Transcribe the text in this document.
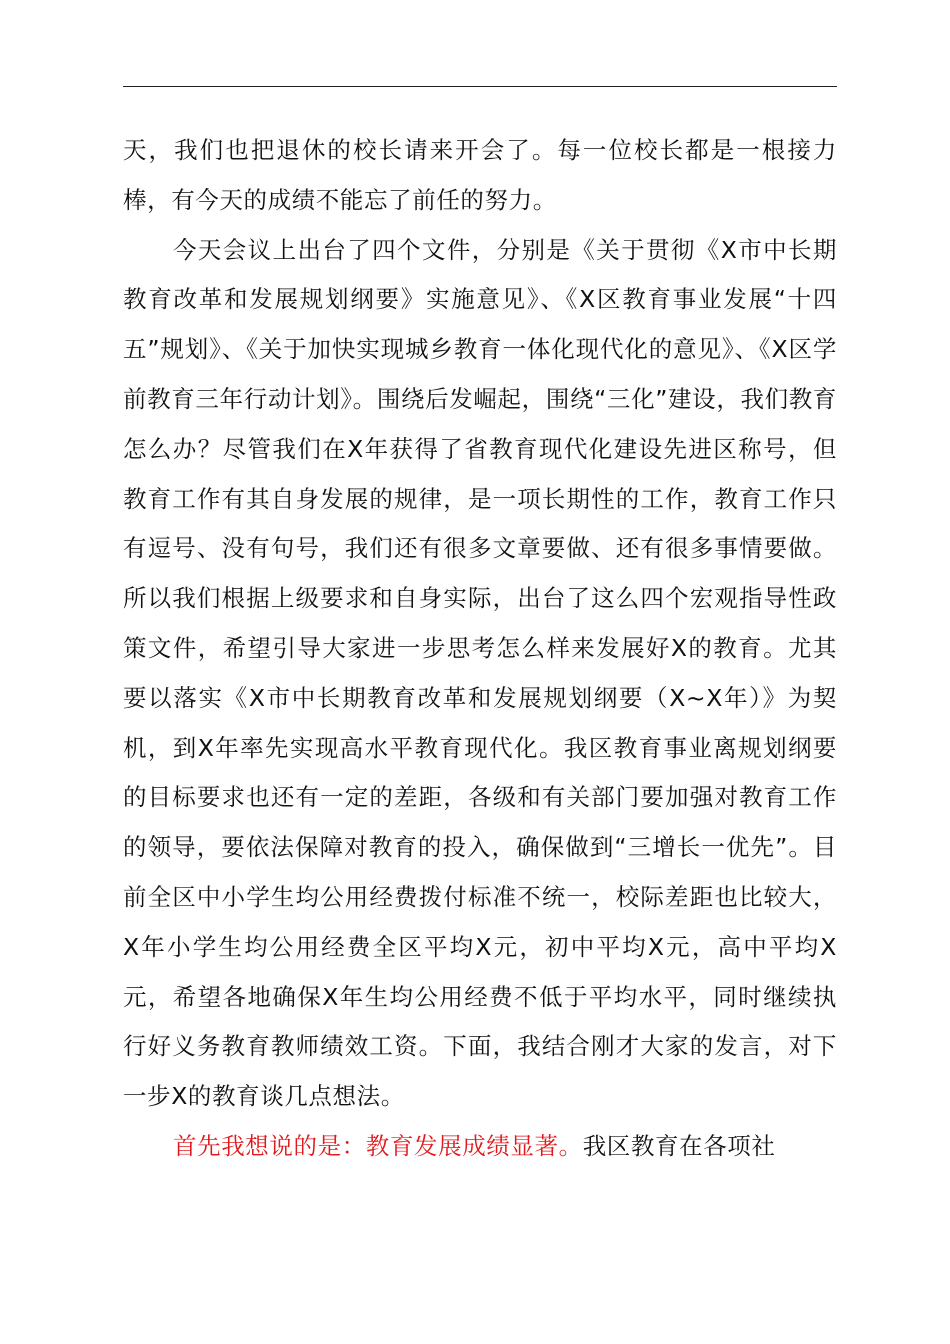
天，我们也把退休的校长请来开会了。每一位校长都是一根接力棒，有今天的成绩不能忘了前任的努力。

今天会议上出台了四个文件，分别是《关于贯彻《X市中长期教育改革和发展规划纲要》实施意见》、《X区教育事业发展“十四五”规划》、《关于加快实现城乡教育一体化现代化的意见》、《X区学前教育三年行动计划》。围绕后发崛起，围绕“三化”建设，我们教育怎么办？尽管我们在X年获得了省教育现代化建设先进区称号，但教育工作有其自身发展的规律，是一项长期性的工作，教育工作只有逗号、没有句号，我们还有很多文章要做、还有很多事情要做。所以我们根据上级要求和自身实际，出台了这么四个宏观指导性政策文件，希望引导大家进一步思考怎么样来发展好X的教育。尤其要以落实《X市中长期教育改革和发展规划纲要（X~X年）》为契机，到X年率先实现高水平教育现代化。我区教育事业离规划纲要的目标要求也还有一定的差距，各级和有关部门要加强对教育工作的领导，要依法保障对教育的投入，确保做到“三增长一优先”。目前全区中小学生均公用经费拨付标准不统一，校际差距也比较大，X年小学生均公用经费全区平均X元，初中平均X元，高中平均X元，希望各地确保X年生均公用经费不低于平均水平，同时继续执行好义务教育教师绩效工资。下面，我结合刚才大家的发言，对下一步X的教育谈几点想法。

首先我想说的是：教育发展成绩显著。我区教育在各项社
